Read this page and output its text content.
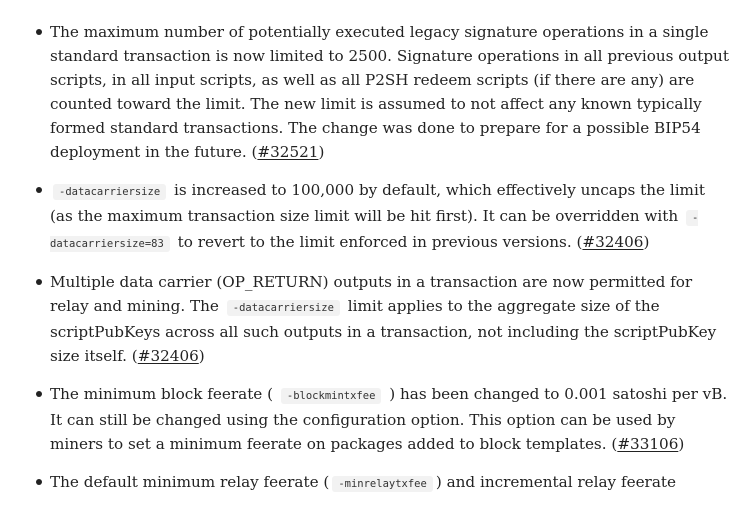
The maximum number of potentially executed legacy signature operations in a single standard transaction is now limited to 2500. Signature operations in all previous output scripts, in all input scripts, as well as all P2SH redeem scripts (if there are any) are counted toward the limit. The new limit is assumed to not affect any known typically formed standard transactions. The change was done to prepare for a possible BIP54 deployment in the future. (#32521)
-datacarriersize is increased to 100,000 by default, which effectively uncaps the limit (as the maximum transaction size limit will be hit first). It can be overridden with -datacarriersize=83 to revert to the limit enforced in previous versions. (#32406)
Multiple data carrier (OP_RETURN) outputs in a transaction are now permitted for relay and mining. The -datacarriersize limit applies to the aggregate size of the scriptPubKeys across all such outputs in a transaction, not including the scriptPubKey size itself. (#32406)
The minimum block feerate ( -blockmintxfee ) has been changed to 0.001 satoshi per vB. It can still be changed using the configuration option. This option can be used by miners to set a minimum feerate on packages added to block templates. (#33106)
The default minimum relay feerate ( -minrelaytxfee ) and incremental relay feerate
